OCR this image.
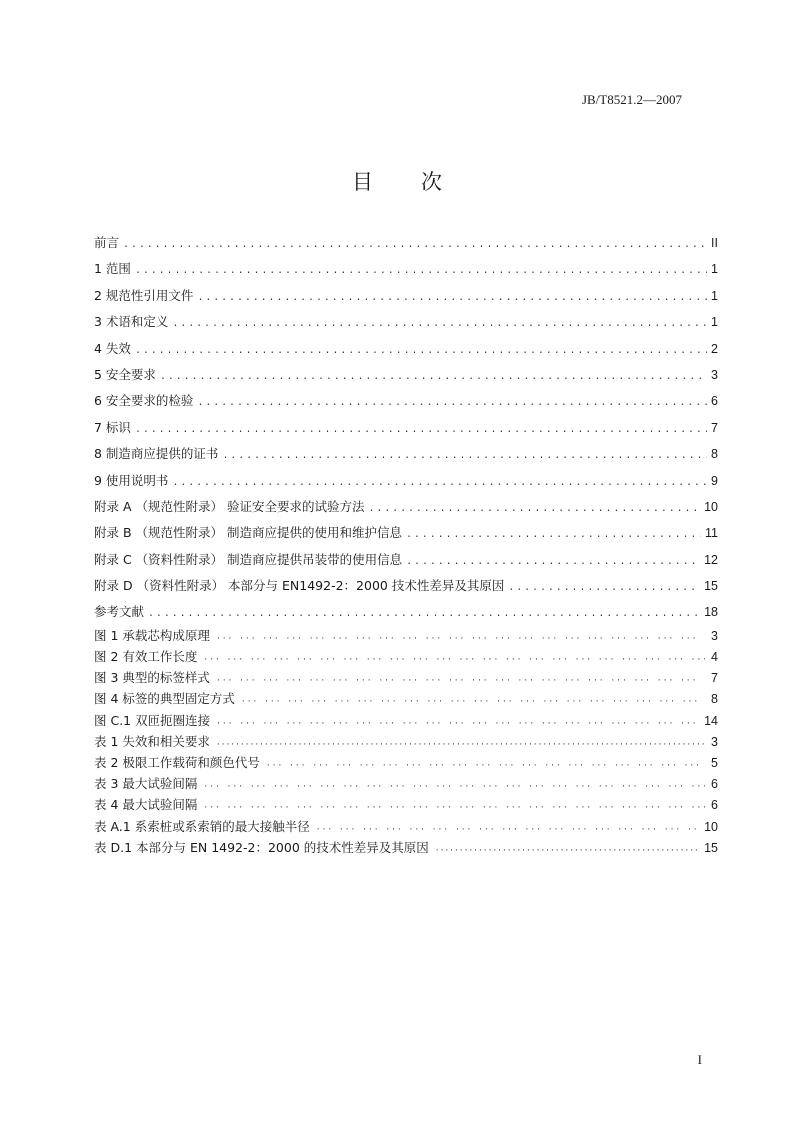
JB/T8521.2—2007
目 次
前言 .....	II
1 范围 .....	1
2 规范性引用文件 .....	1
3 术语和定义 .....	1
4 失效 .....	2
5 安全要求 .....	3
6 安全要求的检验 .....	6
7 标识 .....	7
8 制造商应提供的证书 .....	8
9 使用说明书 .....	9
附录 A （规范性附录） 验证安全要求的试验方法 .....	10
附录 B （规范性附录） 制造商应提供的使用和维护信息 .....	11
附录 C （资料性附录） 制造商应提供吊装带的使用信息 .....	12
附录 D （资料性附录） 本部分与 EN1492-2：2000 技术性差异及其原因 .....	15
参考文献 .....	18
图 1 承载芯构成原理 ··· ·	3
图 2 有效工作长度 ··· ·	4
图 3 典型的标签样式 ··· ·	7
图 4 标签的典型固定方式 ··· ·	8
图 C.1 双匝扼圈连接 ··· ·	14
表 1 失效和相关要求 ·····	3
表 2 极限工作载荷和颜色代号 ··· ·	5
表 3 最大试验间隔 ··· ·	6
表 4 最大试验间隔 ··· ·	6
表 A.1 系索桩或系索销的最大接触半径 ··· ·	10
表 D.1 本部分与 EN 1492-2：2000 的技术性差异及其原因 ·····	15
I
